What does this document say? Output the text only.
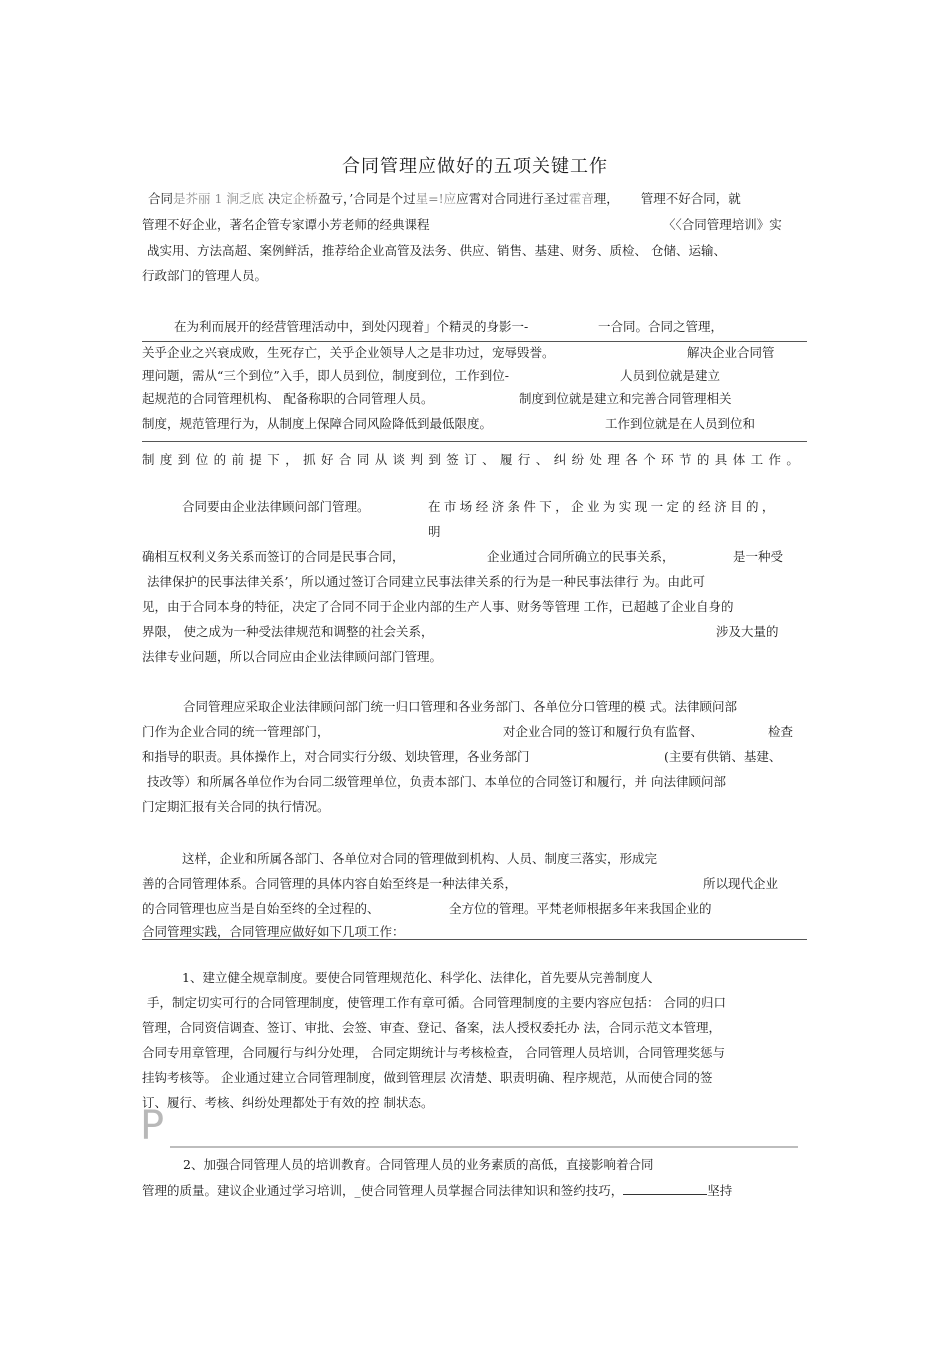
合同管理应做好的五项关键工作
合同是芥丽 1 涧乏底 决定企桥盈亏，’合同是个过星=!应应霄对合同进行圣过霍音理， 管理不好合同，就
管理不好企业，著名企管专家谭小芳老师的经典课程	〈〈合同管理培训》实
战实用、方法高超、案例鲜活，推荐给企业高管及法务、供应、销售、基建、财务、质检、 仓储、运输、
行政部门的管理人员。
在为利而展开的经营管理活动中，到处闪现着」个精灵的身影一-	一合同。合同之管理，
关乎企业之兴衰成败，生死存亡，关乎企业领导人之是非功过，宠辱毁誉。	解决企业合同管
理问题，需从“三个到位”入手，即人员到位，制度到位，工作到位-	人员到位就是建立
起规范的合同管理机构、 配备称职的合同管理人员。	制度到位就是建立和完善合同管理相关
制度，规范管理行为，从制度上保障合同风险降低到最低限度。	工作到位就是在人员到位和
制度到位的前提下，抓好合同从谈判到签订、履行、纠纷处理各个环节的具体工作。
合同要由企业法律顾问部门管理。	在市场经济条件下，企业为实现一定的经济目的，
明
确相互权利义务关系而签订的合同是民事合同，	企业通过合同所确立的民事关系，	是一种受
法律保护的民事法律关系’，所以通过签订合同建立民事法律关系的行为是一种民事法律行 为。由此可
见，由于合同本身的特征，决定了合同不同于企业内部的生产人事、财务等管理 工作，已超越了企业自身的
界限， 使之成为一种受法律规范和调整的社会关系，	涉及大量的
法律专业问题，所以合同应由企业法律顾问部门管理。
合同管理应采取企业法律顾问部门统一归口管理和各业务部门、各单位分口管理的模 式。法律顾问部
门作为企业合同的统一管理部门，	对企业合同的签订和履行负有监督、	检查
和指导的职责。具体操作上，对合同实行分级、划块管理，各业务部门	(主要有供销、基建、
技改等）和所属各单位作为台同二级管理单位，负责本部门、本单位的合同签订和履行，并 向法律顾问部
门定期汇报有关合同的执行情况。
这样，企业和所属各部门、各单位对合同的管理做到机构、人员、制度三落实，形成完
善的合同管理体系。合同管理的具体内容自始至终是一种法律关系，	所以现代企业
的合同管理也应当是自始至终的全过程的、	全方位的管理。平梵老师根据多年来我国企业的
合同管理实践，合同管理应做好如下几项工作：
1、建立健全规章制度。要使合同管理规范化、科学化、法律化，首先要从完善制度人
手，制定切实可行的合同管理制度，使管理工作有章可循。合同管理制度的主要内容应包括： 合同的归口
管理，合同资信调查、签订、审批、会签、审查、登记、备案，法人授权委托办 法，合同示范文本管理，
合同专用章管理，合同履行与纠分处理， 合同定期统计与考核检查， 合同管理人员培训，合同管理奖惩与
挂钩考核等。 企业通过建立合同管理制度，做到管理层 次清楚、职责明确、程序规范，从而使合同的签
订、履行、考核、纠纷处理都处于有效的控 制状态。
P
2、加强合同管理人员的培训教育。合同管理人员的业务素质的高低，直接影响着合同
管理的质量。建议企业通过学习培训，_使合同管理人员掌握合同法律知识和签约技巧，	坚持
